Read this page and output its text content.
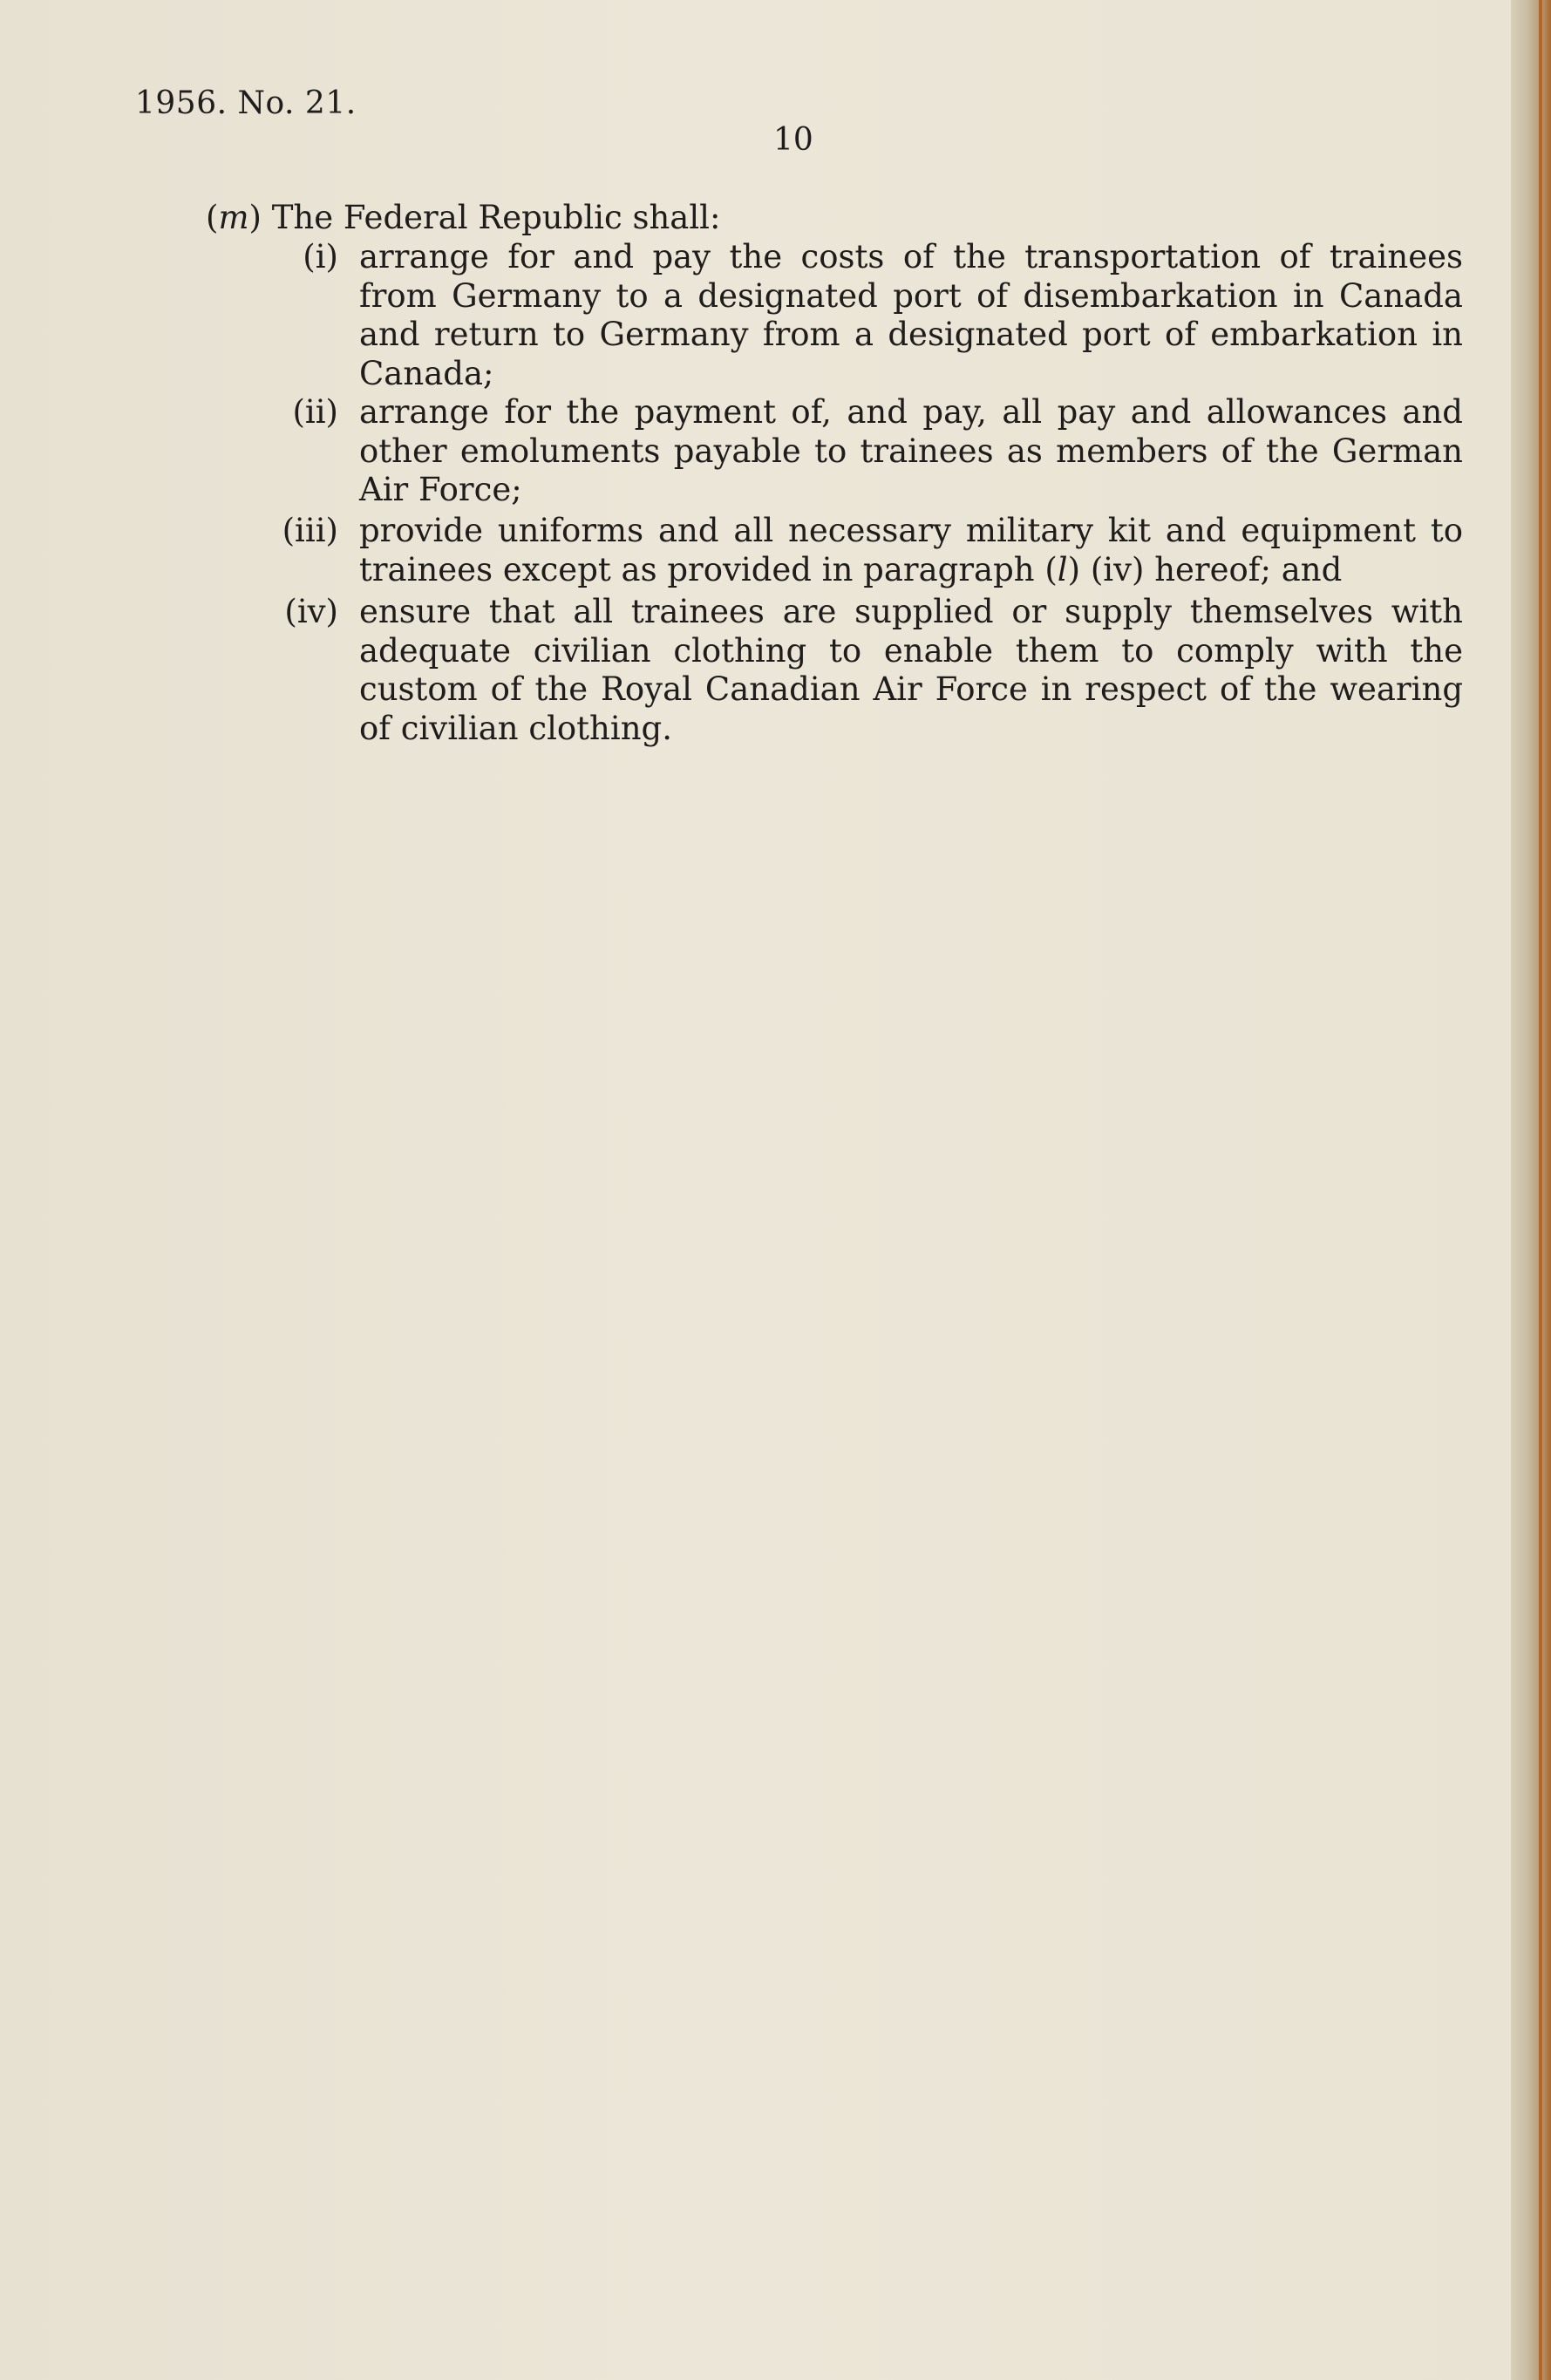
1956. No. 21.
10
(m) The Federal Republic shall:
(i) arrange for and pay the costs of the transportation of trainees
from Germany to a designated port of disembarkation in Canada
and return to Germany from a designated port of embarkation in
Canada;
(ii) arrange for the payment of, and pay, all pay and allowances and
other emoluments payable to trainees as members of the German
Air Force;
(iii) provide uniforms and all necessary military kit and equipment to
trainees except as provided in paragraph (l) (iv) hereof; and
(iv) ensure that all trainees are supplied or supply themselves with
adequate civilian clothing to enable them to comply with the
custom of the Royal Canadian Air Force in respect of the wearing
of civilian clothing.
